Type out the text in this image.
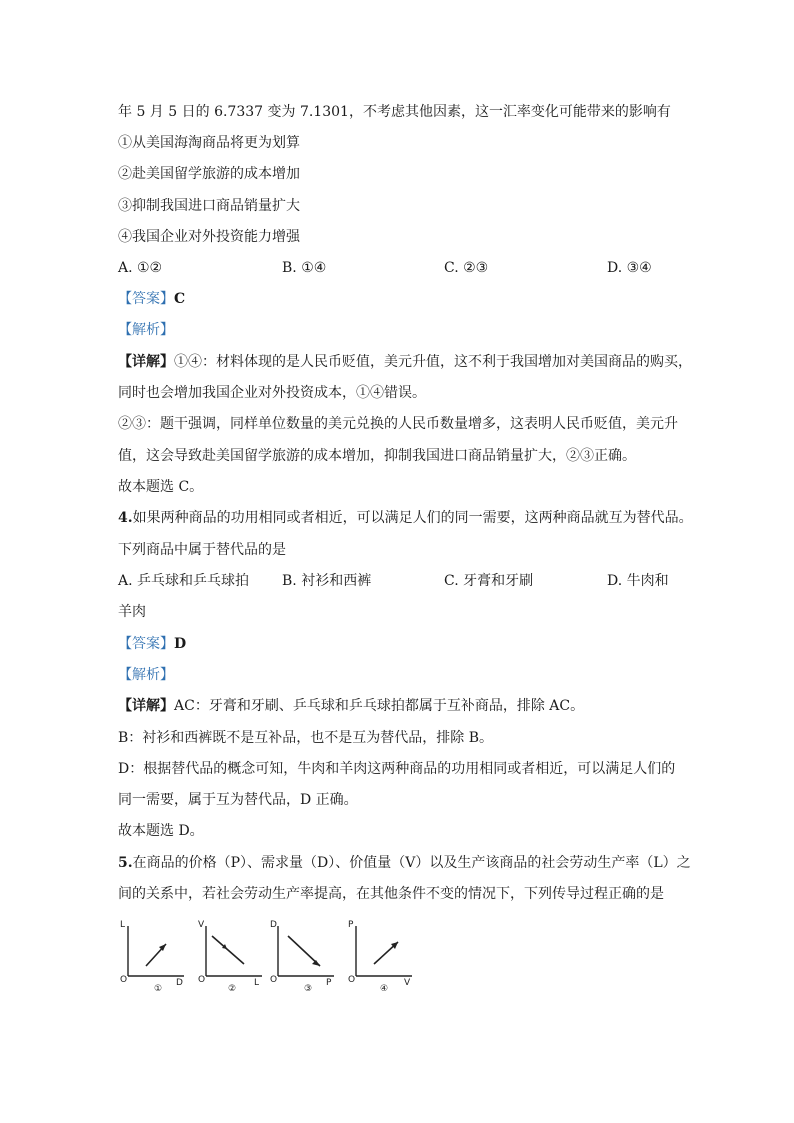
年 5 月 5 日的 6.7337 变为 7.1301，不考虑其他因素，这一汇率变化可能带来的影响有
①从美国海淘商品将更为划算
②赴美国留学旅游的成本增加
③抑制我国进口商品销量扩大
④我国企业对外投资能力增强
A. ①②	B. ①④	C. ②③	D. ③④
【答案】C
【解析】
【详解】①④：材料体现的是人民币贬值，美元升值，这不利于我国增加对美国商品的购买，
同时也会增加我国企业对外投资成本，①④错误。
②③：题干强调，同样单位数量的美元兑换的人民币数量增多，这表明人民币贬值，美元升
值，这会导致赴美国留学旅游的成本增加，抑制我国进口商品销量扩大，②③正确。
故本题选 C。
4.如果两种商品的功用相同或者相近，可以满足人们的同一需要，这两种商品就互为替代品。
下列商品中属于替代品的是
A. 乒乓球和乒乓球拍 B. 衬衫和西裤	C. 牙膏和牙刷	D. 牛肉和
羊肉
【答案】D
【解析】
【详解】AC：牙膏和牙刷、乒乓球和乒乓球拍都属于互补商品，排除 AC。
B：衬衫和西裤既不是互补品，也不是互为替代品，排除 B。
D：根据替代品的概念可知，牛肉和羊肉这两种商品的功用相同或者相近，可以满足人们的
同一需要，属于互为替代品，D 正确。
故本题选 D。
5.在商品的价格（P）、需求量（D）、价值量（V）以及生产该商品的社会劳动生产率（L）之
间的关系中，若社会劳动生产率提高，在其他条件不变的情况下，下列传导过程正确的是
L
O	D
①
V
O	L
②
D
O	P
③
P
O	V
④
